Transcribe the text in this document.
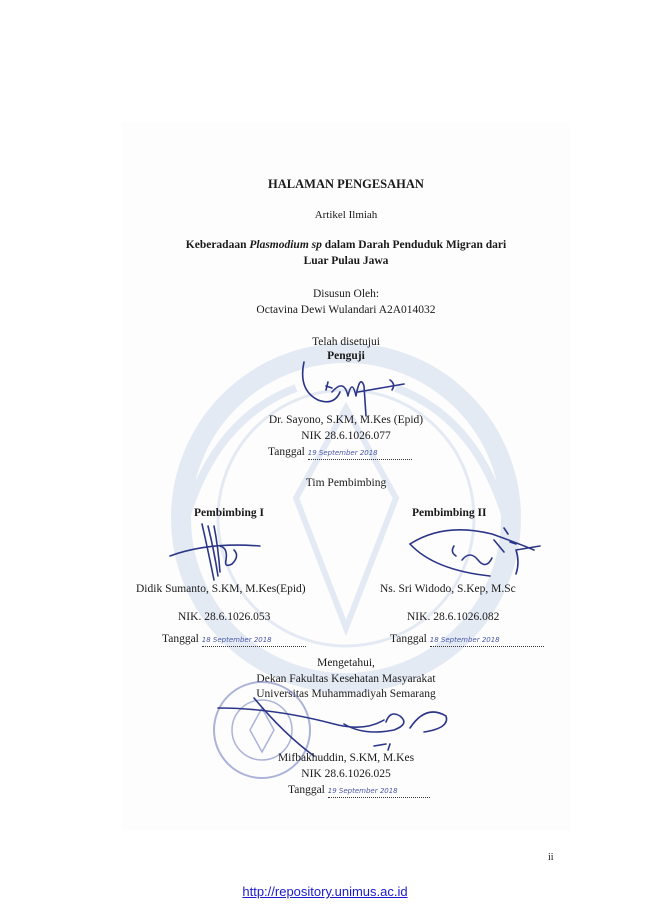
HALAMAN PENGESAHAN
Artikel Ilmiah
Keberadaan Plasmodium sp dalam Darah Penduduk Migran dari
Luar Pulau Jawa
Disusun Oleh:
Octavina Dewi Wulandari A2A014032
Telah disetujui
Penguji
Dr. Sayono, S.KM, M.Kes (Epid)
NIK 28.6.1026.077
Tanggal 19 September 2018
Tim Pembimbing
Pembimbing I	Pembimbing II
Didik Sumanto, S.KM, M.Kes(Epid)	Ns. Sri Widodo, S.Kep, M.Sc
NIK. 28.6.1026.053	NIK. 28.6.1026.082
Tanggal 18 September 2018	Tanggal 18 September 2018
Mengetahui,
Dekan Fakultas Kesehatan Masyarakat
Universitas Muhammadiyah Semarang
Mifbakhuddin, S.KM, M.Kes
NIK 28.6.1026.025
Tanggal 19 September 2018
ii
http://repository.unimus.ac.id
